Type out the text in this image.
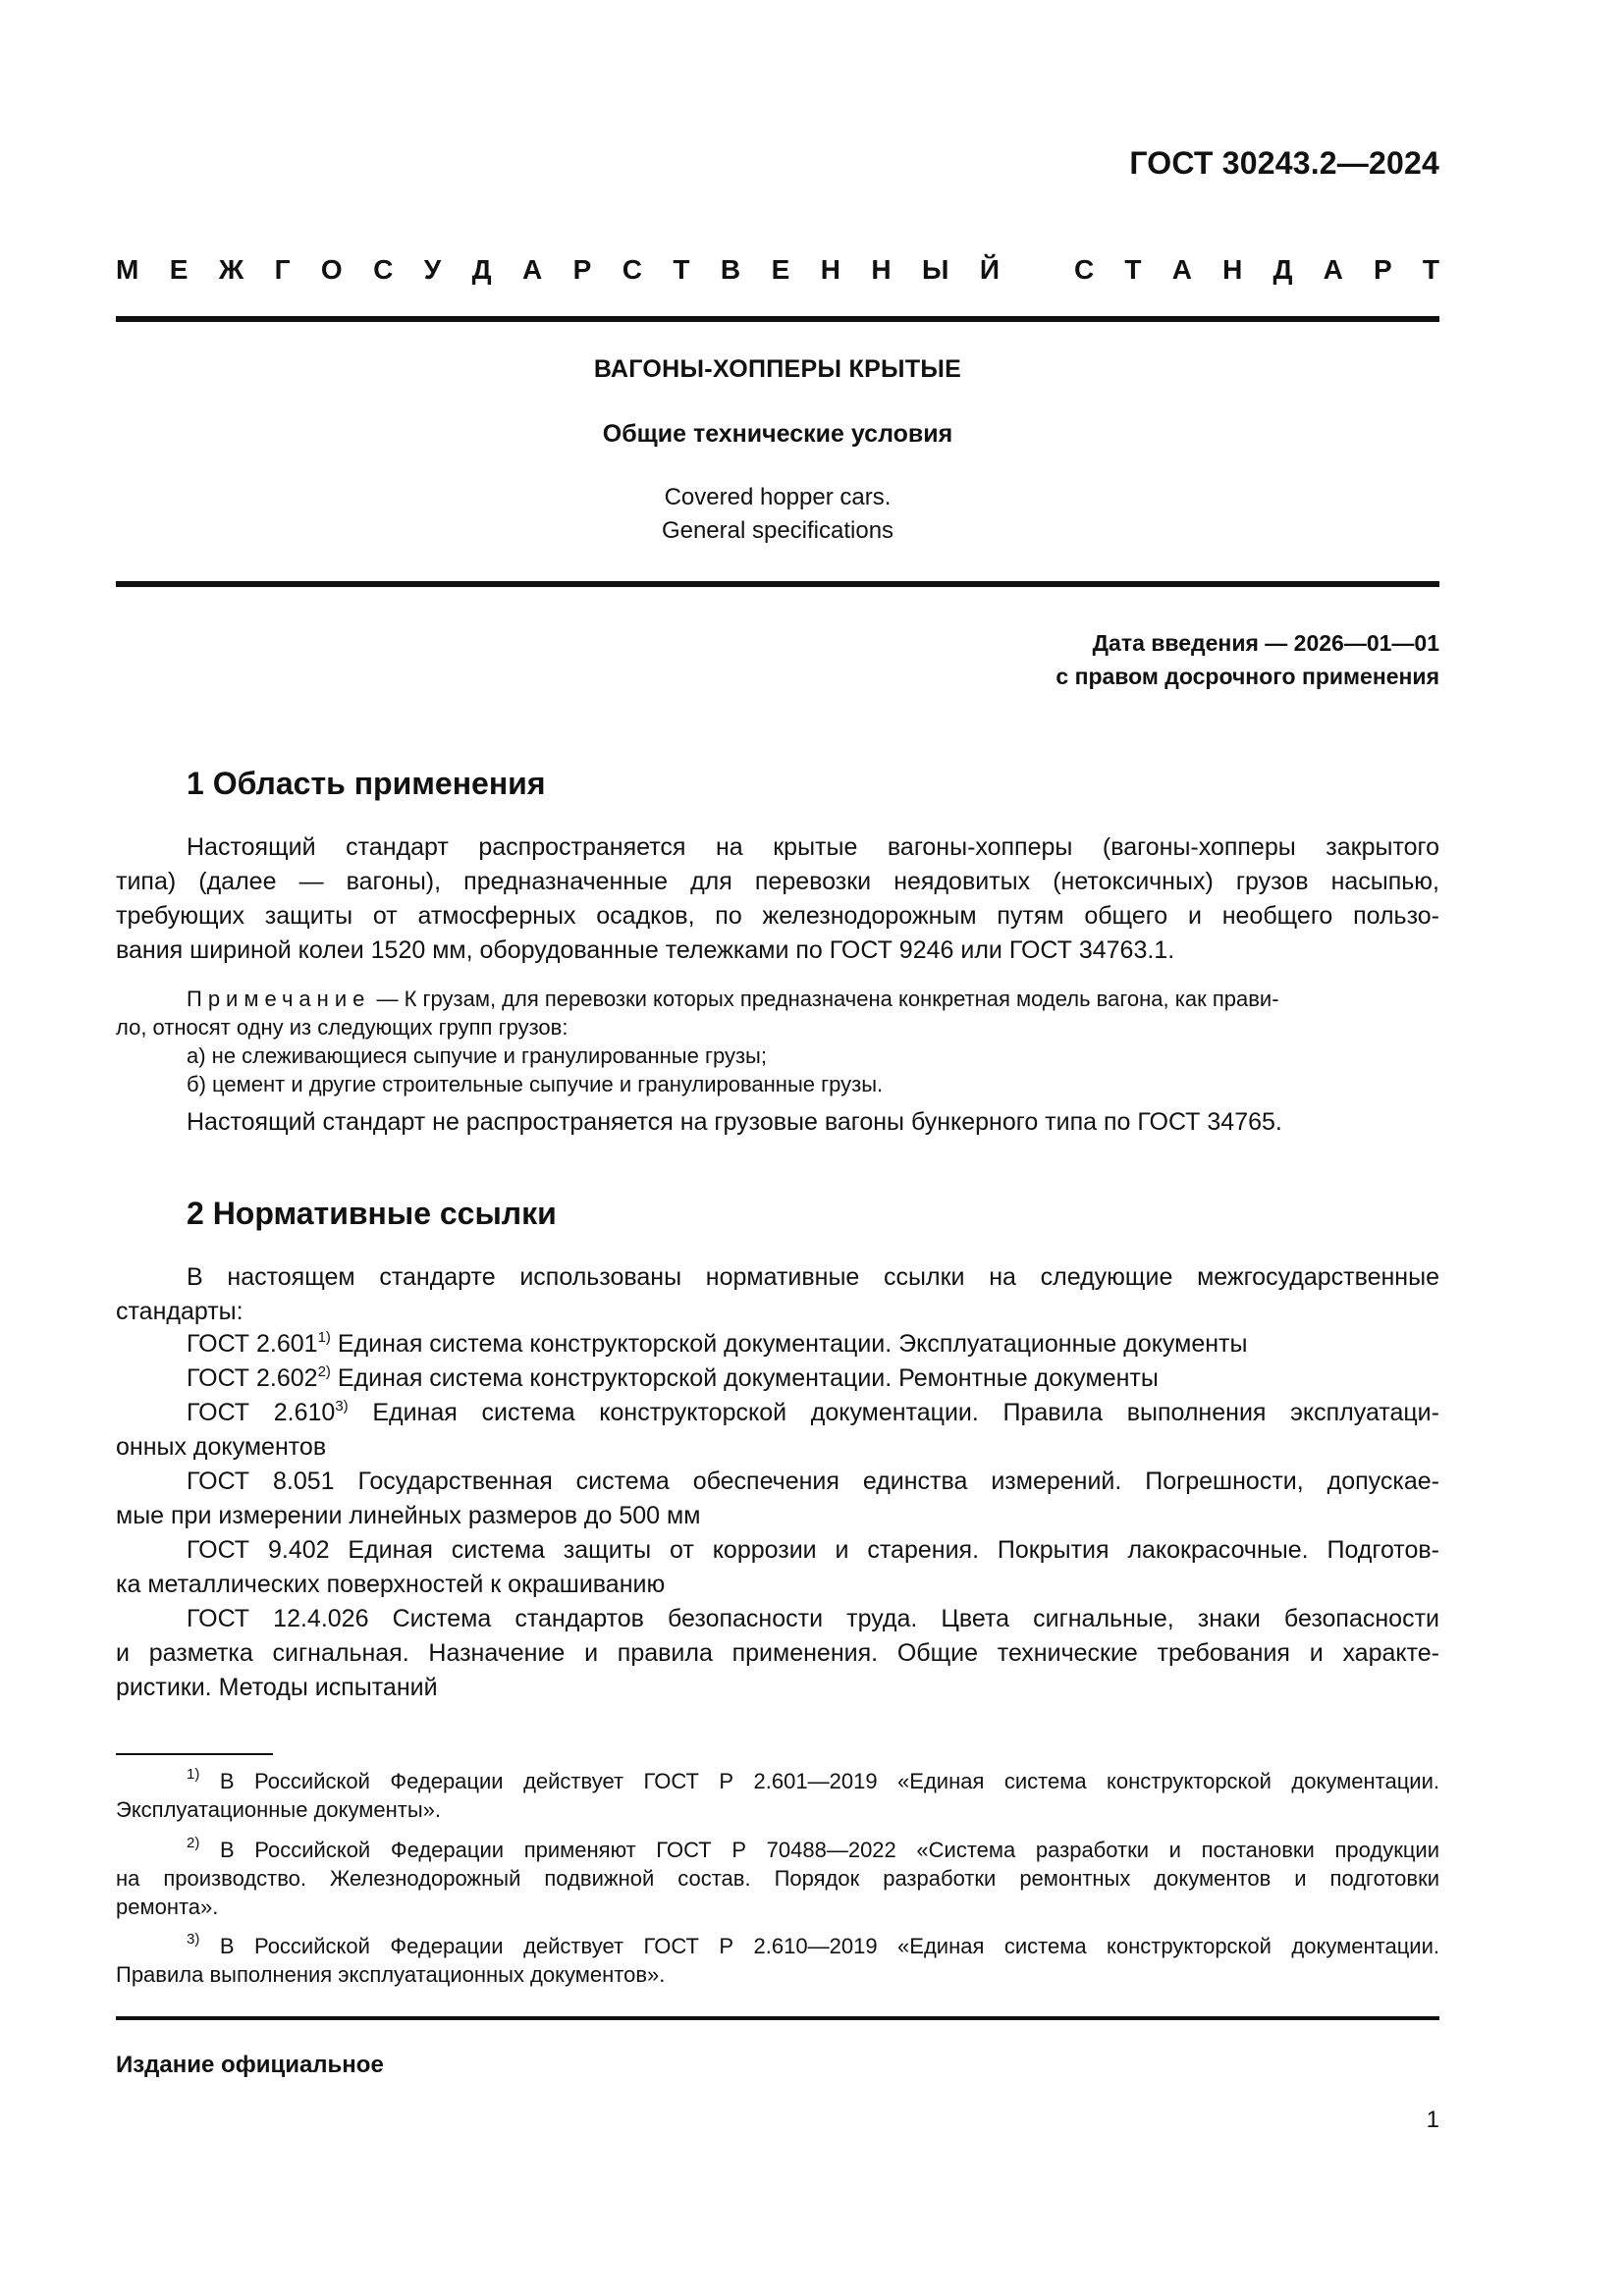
ГОСТ 30243.2—2024
М Е Ж Г О С У Д А Р С Т В Е Н Н Ы Й	С Т А Н Д А Р Т
ВАГОНЫ-ХОППЕРЫ КРЫТЫЕ
Общие технические условия
Covered hopper cars.
General specifications
Дата введения — 2026—01—01
с правом досрочного применения
1 Область применения
Настоящий стандарт распространяется на крытые вагоны-хопперы (вагоны-хопперы закрытого
типа) (далее — вагоны), предназначенные для перевозки неядовитых (нетоксичных) грузов насыпью,
требующих защиты от атмосферных осадков, по железнодорожным путям общего и необщего пользо-
вания шириной колеи 1520 мм, оборудованные тележками по ГОСТ 9246 или ГОСТ 34763.1.
Примечание — К грузам, для перевозки которых предназначена конкретная модель вагона, как прави-
ло, относят одну из следующих групп грузов:
а) не слеживающиеся сыпучие и гранулированные грузы;
б) цемент и другие строительные сыпучие и гранулированные грузы.
Настоящий стандарт не распространяется на грузовые вагоны бункерного типа по ГОСТ 34765.
2 Нормативные ссылки
В настоящем стандарте использованы нормативные ссылки на следующие межгосударственные
стандарты:
ГОСТ 2.601$^{1)}$ Единая система конструкторской документации. Эксплуатационные документы
ГОСТ 2.602$^{2)}$ Единая система конструкторской документации. Ремонтные документы
ГОСТ 2.610$^{3)}$ Единая система конструкторской документации. Правила выполнения эксплуатаци-
онных документов
ГОСТ 8.051 Государственная система обеспечения единства измерений. Погрешности, допускае-
мые при измерении линейных размеров до 500 мм
ГОСТ 9.402 Единая система защиты от коррозии и старения. Покрытия лакокрасочные. Подготов-
ка металлических поверхностей к окрашиванию
ГОСТ 12.4.026 Система стандартов безопасности труда. Цвета сигнальные, знаки безопасности
и разметка сигнальная. Назначение и правила применения. Общие технические требования и характе-
ристики. Методы испытаний
$^{1)}$ В Российской Федерации действует ГОСТ Р 2.601—2019 «Единая система конструкторской документации.
Эксплуатационные документы».
$^{2)}$ В Российской Федерации применяют ГОСТ Р 70488—2022 «Система разработки и постановки продукции
на производство. Железнодорожный подвижной состав. Порядок разработки ремонтных документов и подготовки
ремонта».
$^{3)}$ В Российской Федерации действует ГОСТ Р 2.610—2019 «Единая система конструкторской документации.
Правила выполнения эксплуатационных документов».
Издание официальное
1
